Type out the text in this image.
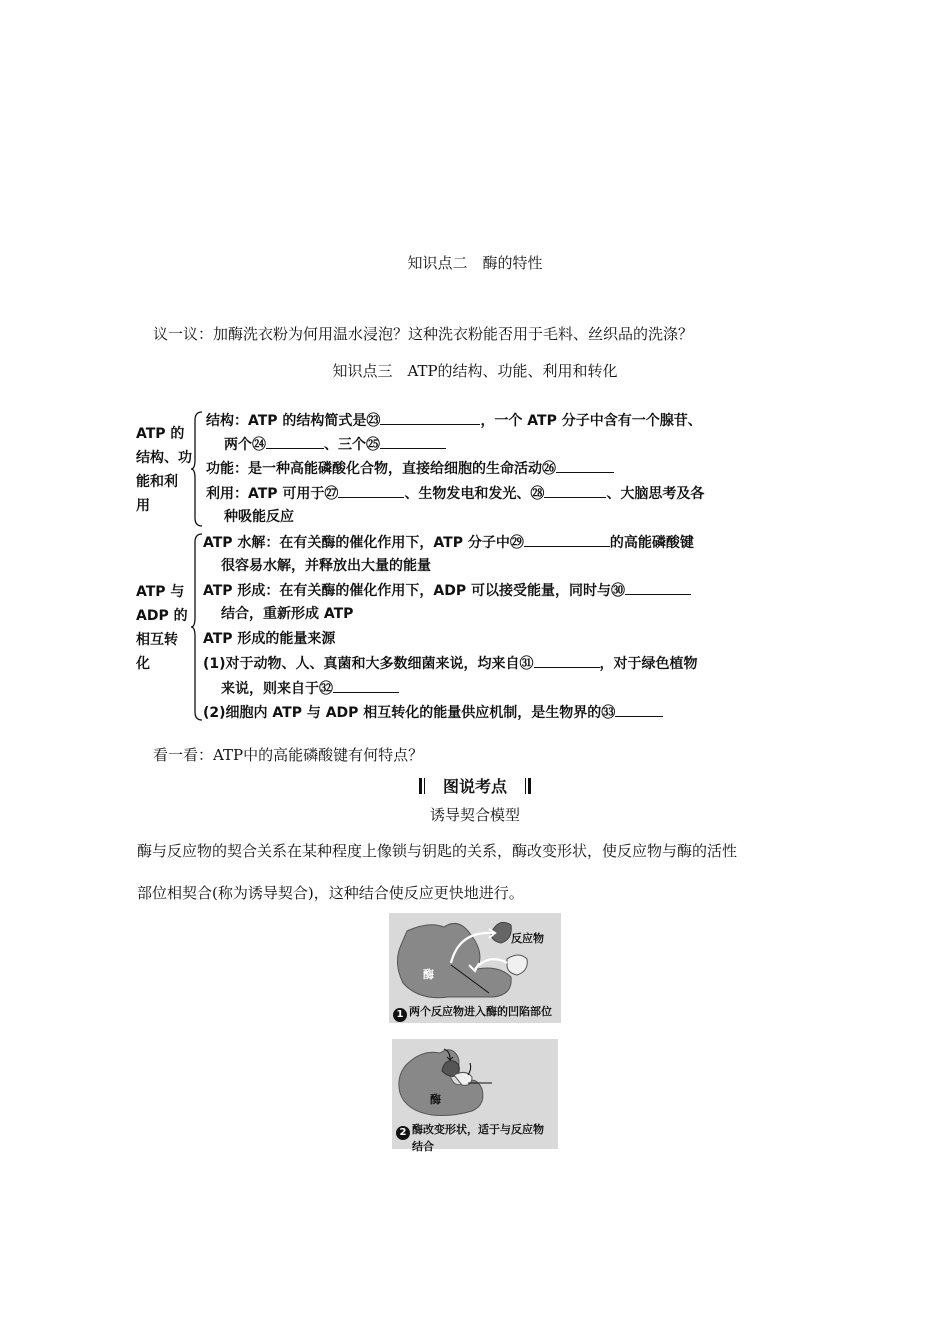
知识点二　酶的特性
议一议：加酶洗衣粉为何用温水浸泡？这种洗衣粉能否用于毛料、丝织品的洗涤？
知识点三　ATP的结构、功能、利用和转化
ATP 的
结构、功
能和利
用
结构：ATP 的结构简式是㉓	，一个 ATP 分子中含有一个腺苷、
两个㉔	、三个㉕
功能：是一种高能磷酸化合物，直接给细胞的生命活动㉖
利用：ATP 可用于㉗	、生物发电和发光、㉘	、大脑思考及各
种吸能反应
ATP 与
ADP 的
相互转
化
ATP 水解：在有关酶的催化作用下，ATP 分子中㉙	的高能磷酸键
很容易水解，并释放出大量的能量
ATP 形成：在有关酶的催化作用下，ADP 可以接受能量，同时与㉚
结合，重新形成 ATP
ATP 形成的能量来源
(1)对于动物、人、真菌和大多数细菌来说，均来自㉛	，对于绿色植物
来说，则来自于㉜
(2)细胞内 ATP 与 ADP 相互转化的能量供应机制，是生物界的㉝
看一看：ATP中的高能磷酸键有何特点？
图说考点
诱导契合模型
酶与反应物的契合关系在某种程度上像锁与钥匙的关系，酶改变形状，使反应物与酶的活性
部位相契合(称为诱导契合)，这种结合使反应更快地进行。
反应物
酶
1 两个反应物进入酶的凹陷部位
酶
2 酶改变形状，适于与反应物
结合
